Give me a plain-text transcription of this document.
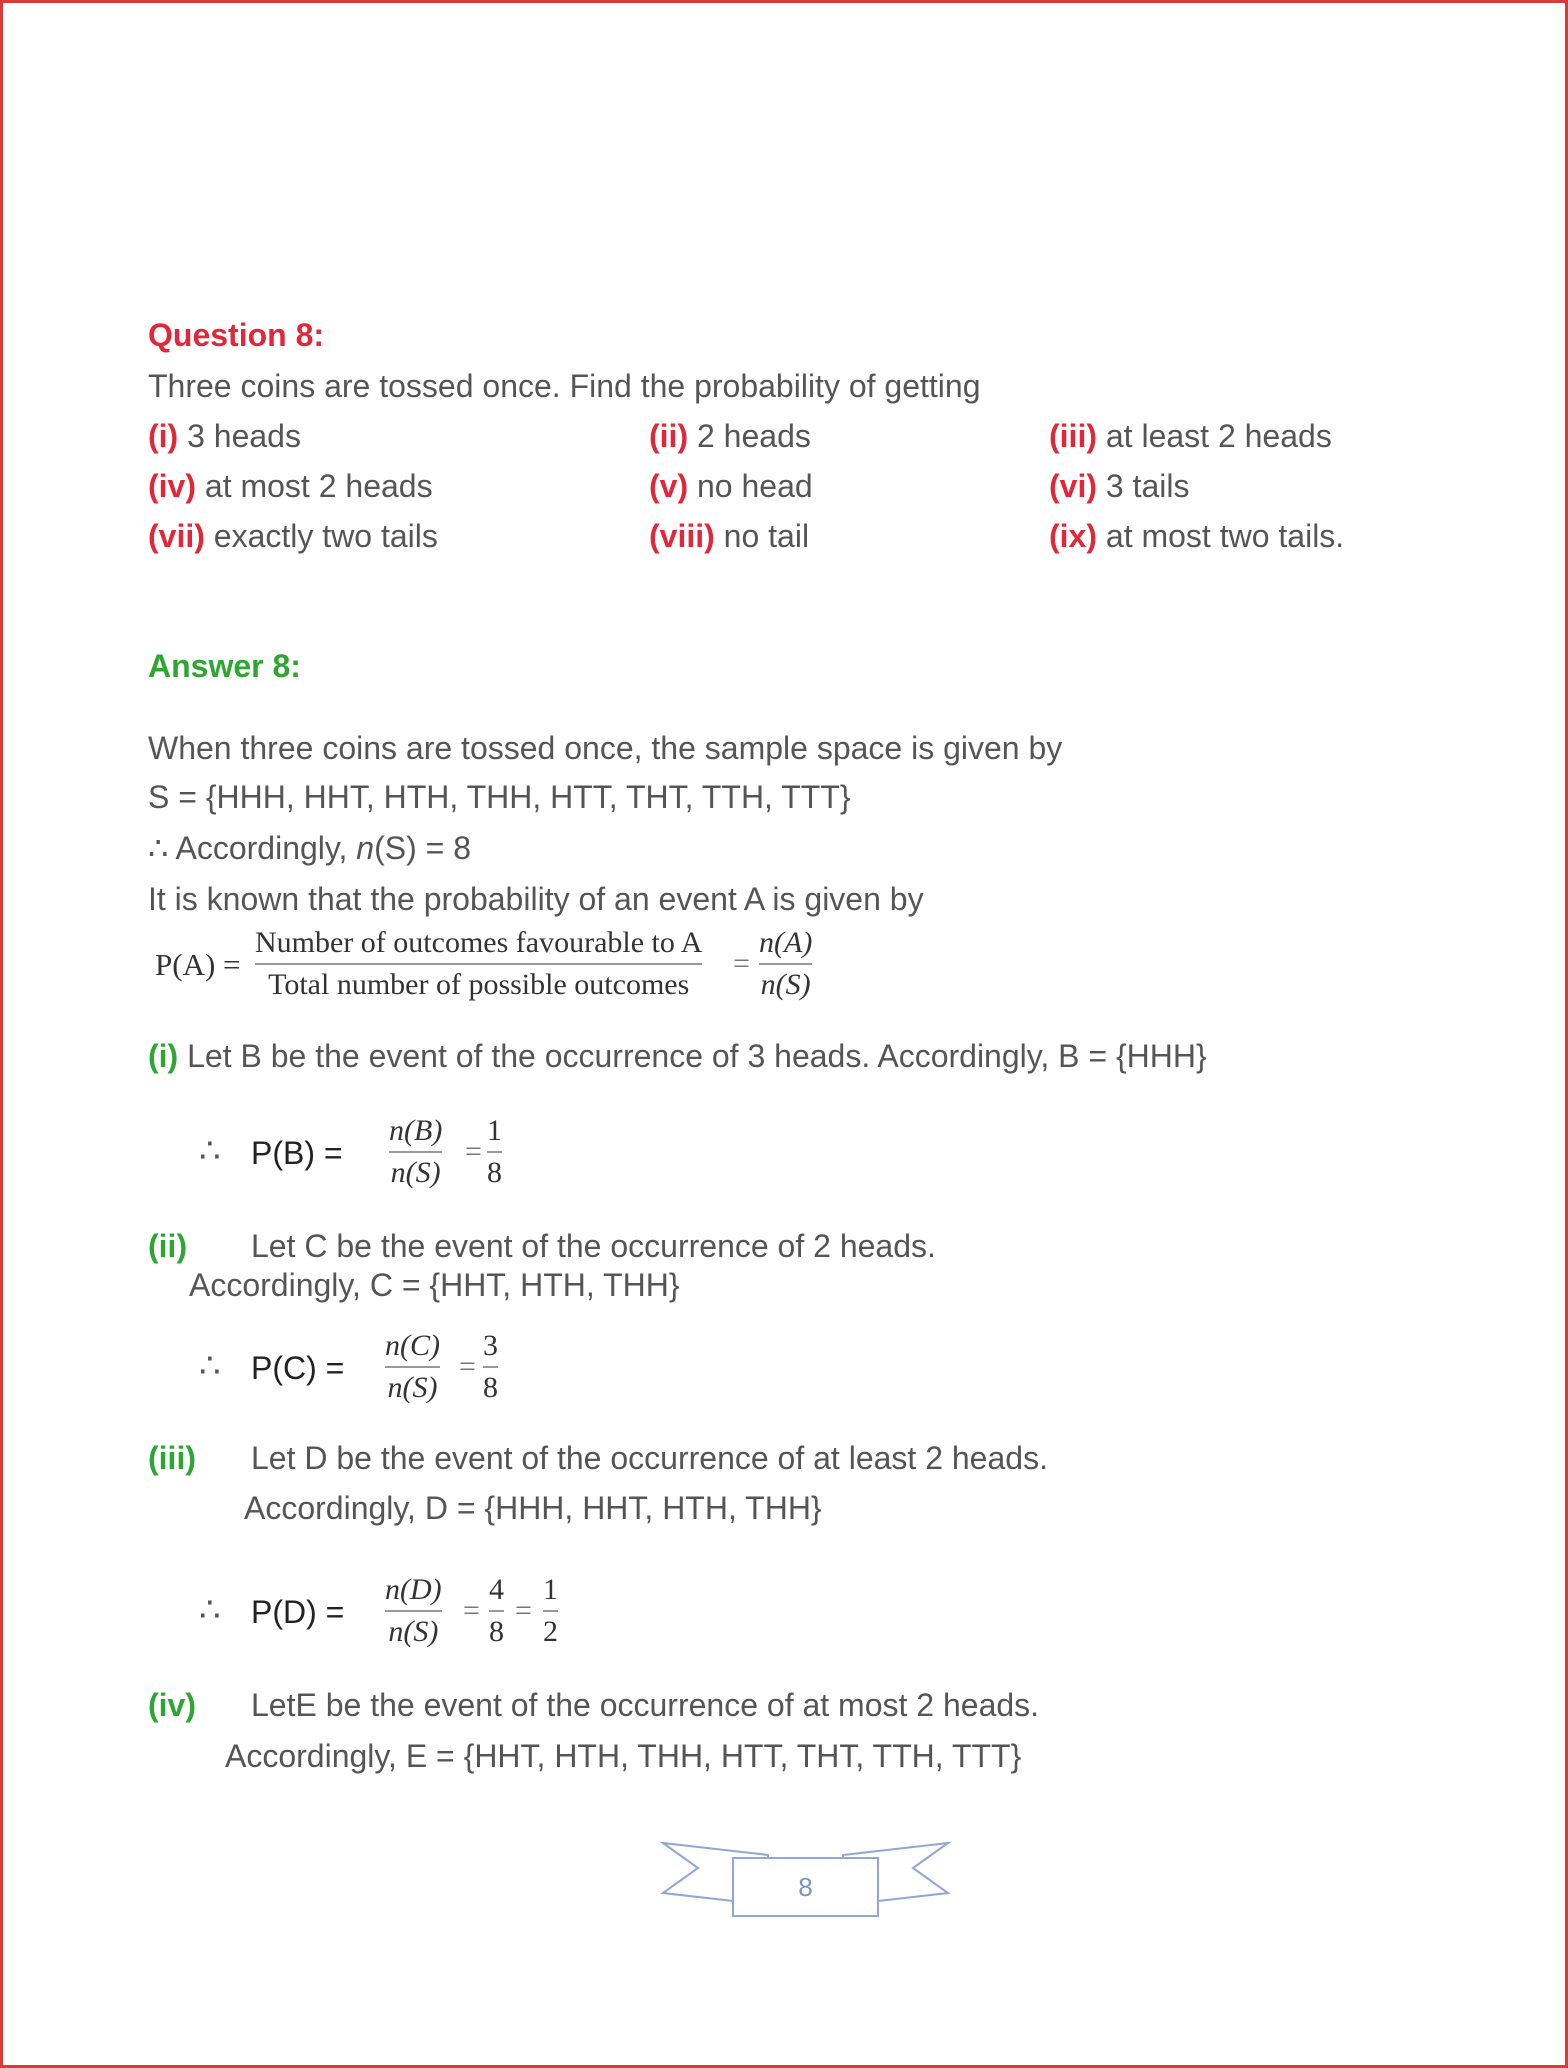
Question 8:
Three coins are tossed once. Find the probability of getting
(i) 3 heads	(ii) 2 heads	(iii) at least 2 heads
(iv) at most 2 heads	(v) no head	(vi) 3 tails
(vii) exactly two tails	(viii) no tail	(ix) at most two tails.
Answer 8:
When three coins are tossed once, the sample space is given by
S = {HHH, HHT, HTH, THH, HTT, THT, TTH, TTT}
∴ Accordingly, n(S) = 8
It is known that the probability of an event A is given by
P(A) =
Number of outcomes favourable to A
Total number of possible outcomes
=
n(A)
n(S)
(i) Let B be the event of the occurrence of 3 heads. Accordingly, B = {HHH}
∴ P(B) =
n(B)
n(S)
=
1
8
(ii) Let C be the event of the occurrence of 2 heads.
Accordingly, C = {HHT, HTH, THH}
∴ P(C) =
n(C)
n(S)
=
3
8
(iii) Let D be the event of the occurrence of at least 2 heads.
Accordingly, D = {HHH, HHT, HTH, THH}
∴ P(D) =
n(D)
n(S)
=
4
8
=
1
2
(iv) LetE be the event of the occurrence of at most 2 heads.
Accordingly, E = {HHT, HTH, THH, HTT, THT, TTH, TTT}
8
